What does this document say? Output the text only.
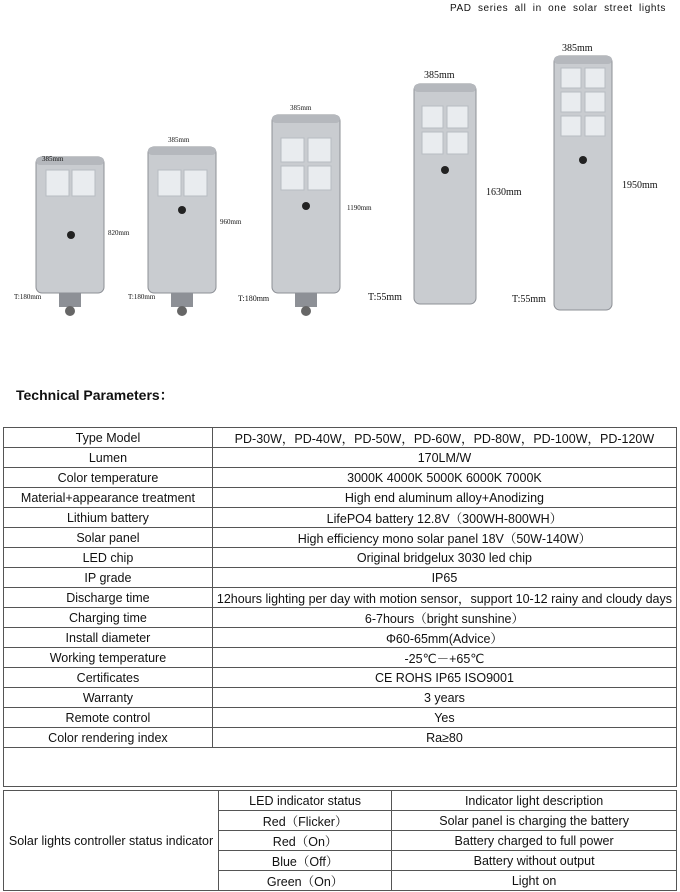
PAD series all in one solar street lights
385mm
820mm
T:180mm
385mm
960mm
T:180mm
385mm
1190mm
T:180mm
385mm
1630mm
T:55mm
385mm
1950mm
T:55mm
Technical Parameters：
Type Model	PD-30W，PD-40W，PD-50W，PD-60W，PD-80W，PD-100W，PD-120W
Lumen	170LM/W
Color temperature	3000K 4000K 5000K 6000K 7000K
Material+appearance treatment	High end aluminum alloy+Anodizing
Lithium battery	LifePO4 battery 12.8V（300WH-800WH）
Solar panel	High efficiency mono solar panel 18V（50W-140W）
LED chip	Original bridgelux 3030 led chip
IP grade	IP65
Discharge time	12hours lighting per day with motion sensor，support 10-12 rainy and cloudy days
Charging time	6-7hours（bright sunshine）
Install diameter	Φ60-65mm(Advice）
Working temperature	-25℃－+65℃
Certificates	CE ROHS IP65 ISO9001
Warranty	3 years
Remote control	Yes
Color rendering index	Ra≥80

Solar lights controller status indicator	LED indicator status	Indicator light description
	Red（Flicker）	Solar panel is charging the battery
	Red（On）	Battery charged to full power
	Blue（Off）	Battery without output
	Green（On）	Light on
